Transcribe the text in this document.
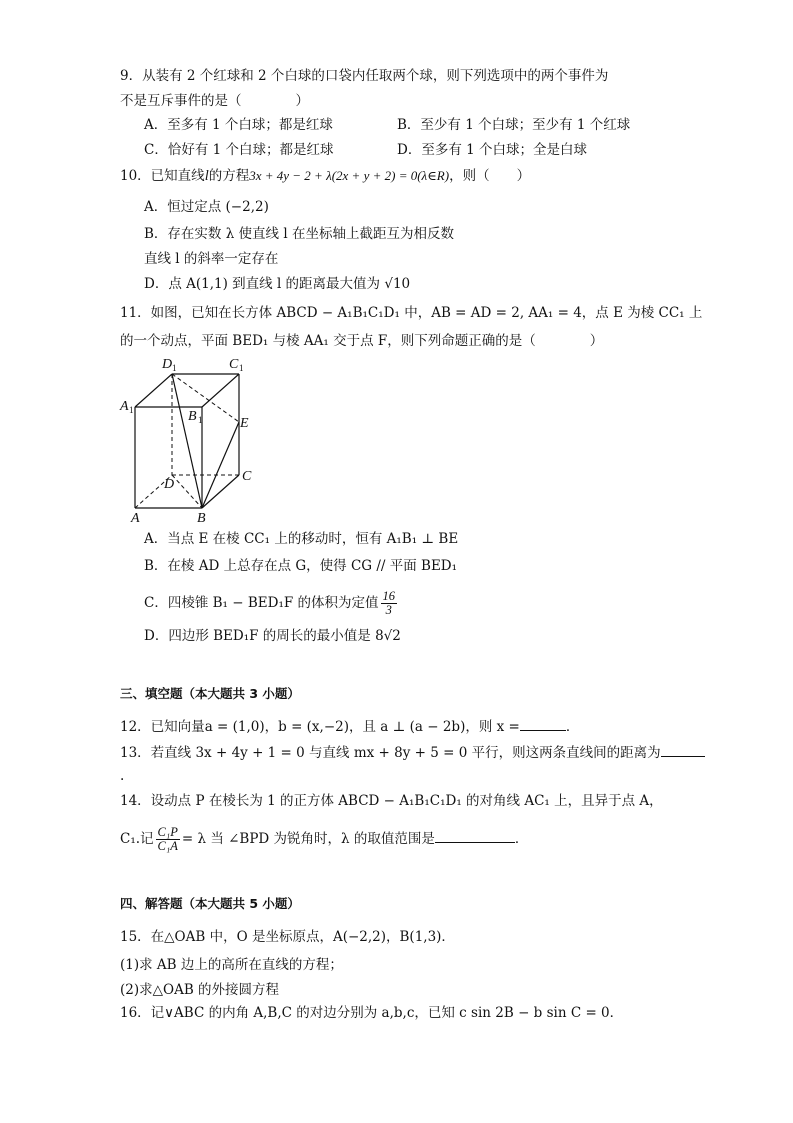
9．从装有 2 个红球和 2 个白球的口袋内任取两个球，则下列选项中的两个事件为
不是互斥事件的是（　　　　）
A．至多有 1 个白球；都是红球	B．至少有 1 个白球；至少有 1 个红球
C．恰好有 1 个白球；都是红球	D．至多有 1 个白球；全是白球
10．已知直线l的方程3x + 4y − 2 + λ(2x + y + 2) = 0(λ∈R)，则（　　）
A．恒过定点 (−2,2)
B．存在实数 λ 使直线 l 在坐标轴上截距互为相反数
直线 l 的斜率一定存在
D．点 A(1,1) 到直线 l 的距离最大值为 √10
11．如图，已知在长方体 ABCD − A₁B₁C₁D₁ 中，AB = AD = 2, AA₁ = 4，点 E 为棱 CC₁ 上
的一个动点，平面 BED₁ 与棱 AA₁ 交于点 F，则下列命题正确的是（　　　　）
D 1	C 1
A 1	B 1	E
D
C
A	B
A．当点 E 在棱 CC₁ 上的移动时，恒有 A₁B₁ ⊥ BE
B．在棱 AD 上总存在点 G，使得 CG // 平面 BED₁
C．四棱锥 B₁ − BED₁F 的体积为定值 $\frac{16}{3}$
D．四边形 BED₁F 的周长的最小值是 8√2
三、填空题（本大题共 3 小题）
12．已知向量a = (1,0)，b = (x,−2)，且 a ⊥ (a − 2b)，则 x =	．
13．若直线 3x + 4y + 1 = 0 与直线 mx + 8y + 5 = 0 平行，则这两条直线间的距离为
.
14．设动点 P 在棱长为 1 的正方体 ABCD − A₁B₁C₁D₁ 的对角线 AC₁ 上，且异于点 A，
C₁.记 $\frac{\text{C₁P}}{\text{C₁A}} = \lambda$ 当 ∠BPD 为锐角时，λ 的取值范围是	．
四、解答题（本大题共 5 小题）
15．在△OAB 中，O 是坐标原点，A(−2,2)，B(1,3)．
(1)求 AB 边上的高所在直线的方程；
(2)求△OAB 的外接圆方程
16．记∨ABC 的内角 A,B,C 的对边分别为 a,b,c，已知 c sin 2B − b sin C = 0．
